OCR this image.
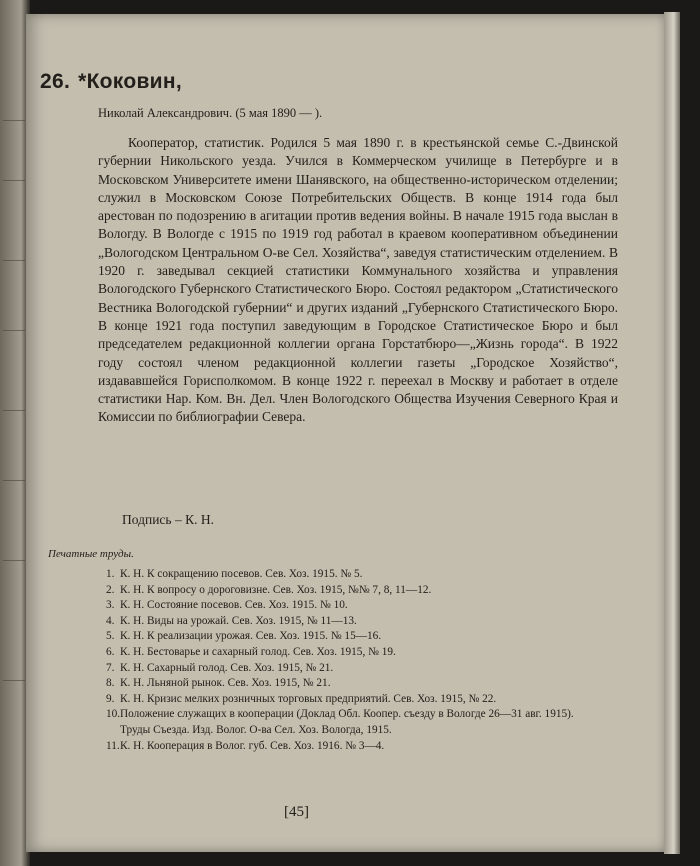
26. *Коковин,
Николай Александрович. (5 мая 1890 — ).

Кооператор, статистик. Родился 5 мая 1890 г. в крестьянской семье С.-Двинской губернии Никольского уезда. Учился в Коммерческом училище в Петербурге и в Московском Университете имени Шанявского, на общественно-историческом отделении; служил в Московском Союзе Потребительских Обществ. В конце 1914 года был арестован по подозрению в агитации против ведения войны. В начале 1915 года выслан в Вологду. В Вологде с 1915 по 1919 год работал в краевом кооперативном объединении „Вологодском Центральном О-ве Сел. Хозяйства“, заведуя статистическим отделением. В 1920 г. заведывал секцией статистики Коммунального хозяйства и управления Вологодского Губернского Статистического Бюро. Состоял редактором „Статистического Вестника Вологодской губернии“ и других изданий „Губернского Статистического Бюро. В конце 1921 года поступил заведующим в Городское Статистическое Бюро и был председателем редакционной коллегии органа Горстатбюро—„Жизнь города“. В 1922 году состоял членом редакционной коллегии газеты „Городское Хозяйство“, издававшейся Горисполкомом. В конце 1922 г. переехал в Москву и работает в отделе статистики Нар. Ком. Вн. Дел. Член Вологодского Общества Изучения Северного Края и Комиссии по библиографии Севера.

Подпись – К. Н.
Печатные труды.
1. К. Н. К сокращению посевов. Сев. Хоз. 1915. № 5.
2. К. Н. К вопросу о дороговизне. Сев. Хоз. 1915, №№ 7, 8, 11—12.
3. К. Н. Состояние посевов. Сев. Хоз. 1915. № 10.
4. К. Н. Виды на урожай. Сев. Хоз. 1915, № 11—13.
5. К. Н. К реализации урожая. Сев. Хоз. 1915. № 15—16.
6. К. Н. Бестоварье и сахарный голод. Сев. Хоз. 1915, № 19.
7. К. Н. Сахарный голод. Сев. Хоз. 1915, № 21.
8. К. Н. Льняной рынок. Сев. Хоз. 1915, № 21.
9. К. Н. Кризис мелких розничных торговых предприятий. Сев. Хоз. 1915, № 22.
10.Положение служащих в кооперации (Доклад Обл. Коопер. съезду в Вологде 26—31 авг. 1915). Труды Съезда. Изд. Волог. О-ва Сел. Хоз. Вологда, 1915.
11.К. Н. Кооперация в Волог. губ. Сев. Хоз. 1916. № 3—4.
[45]
